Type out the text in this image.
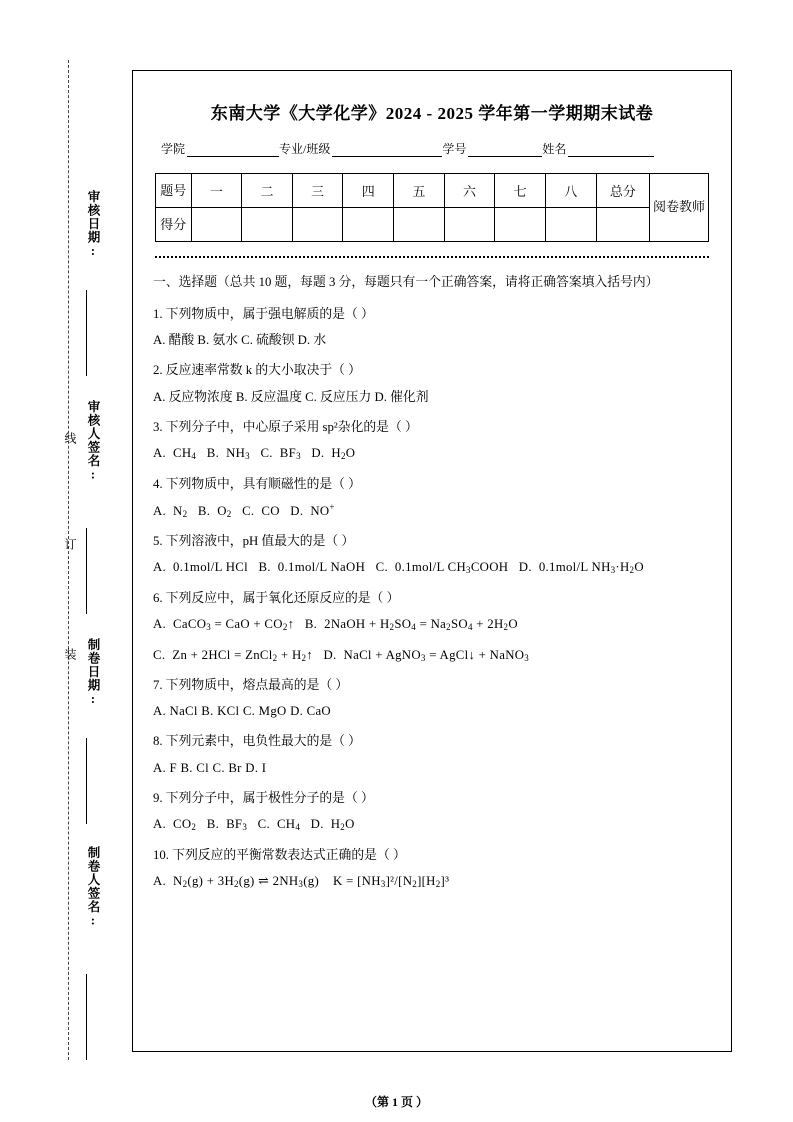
审核日期:
审核人签名:
制卷日期:
制卷人签名:
线
订
装
东南大学《大学化学》2024 - 2025 学年第一学期期末试卷
学院	专业/班级	学号	姓名
题号	一	二	三	四	五	六	七	八	总分	阅卷教师
得分										
一、选择题（总共 10 题，每题 3 分，每题只有一个正确答案，请将正确答案填入括号内）
1. 下列物质中，属于强电解质的是（ ）
A. 醋酸 B. 氨水 C. 硫酸钡 D. 水
2. 反应速率常数 k 的大小取决于（ ）
A. 反应物浓度 B. 反应温度 C. 反应压力 D. 催化剂
3. 下列分子中，中心原子采用 sp²杂化的是（ ）
A.  $CH_4$   B.  $NH_3$   C.  $BF_3$   D.  $H_2O$
4. 下列物质中，具有顺磁性的是（ ）
A.  $N_2$   B.  $O_2$   C.  CO   D.  NO+
5. 下列溶液中，pH 值最大的是（ ）
A.  0.1mol/L HCl   B.  0.1mol/L NaOH   C.  0.1mol/L $CH_3COOH$   D.  0.1mol/L $NH_3\cdot H_2O$
6. 下列反应中，属于氧化还原反应的是（ ）
A.  CaCO$_3$ = CaO + $CO_2↑$   B.  2NaOH + $H_2SO_4 = Na_2SO_4 + 2H_2O$
C.  Zn + 2HCl = ZnCl$_2$ + $H_2↑$   D.  NaCl + AgNO$_3$ = AgCl↓ + NaNO$_3$
7. 下列物质中，熔点最高的是（ ）
A. NaCl B. KCl C. MgO D. CaO
8. 下列元素中，电负性最大的是（ ）
A. F B. Cl C. Br D. I
9. 下列分子中，属于极性分子的是（ ）
A.  $CO_2$   B.  $BF_3$   C.  $CH_4$   D.  $H_2O$
10. 下列反应的平衡常数表达式正确的是（ ）
A.  $N_2(g) + 3H_2(g)$ ⇌ $2NH_3(g)$    $K = [NH_3]^2/[N_2][H_2]^3$
（第 1 页 ）
